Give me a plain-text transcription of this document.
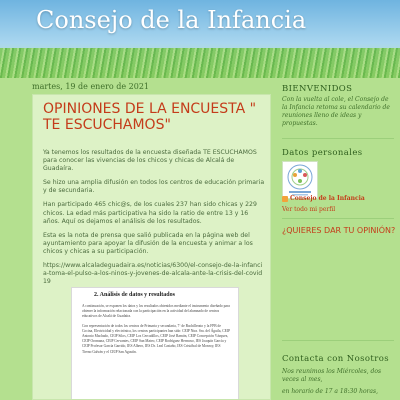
Consejo de la Infancia
martes, 19 de enero de 2021
OPINIONES DE LA ENCUESTA " TE ESCUCHAMOS"

Ya tenemos los resultados de la encuesta diseñada TE ESCUCHAMOS para conocer las vivencias de los chicos y chicas de Alcalá de Guadaíra.

Se hizo una amplia difusión en todos los centros de educación primaria y de secundaria.

Han participado 465 chic@s, de los cuales 237 han sido chicas y 229 chicos. La edad más participativa ha sido la ratio de entre 13 y 16 años. Aquí os dejamos el análisis de los resultados.

Esta es la nota de prensa que salió publicada en la página web del ayuntamiento para apoyar la difusión de la encuesta y animar a los chicos y chicas a su participación.

https://www.alcaladeguadaira.es/noticias/6300/el-consejo-de-la-infancia-toma-el-pulso-a-los-ninos-y-jovenes-de-alcala-ante-la-crisis-del-covid19

2. Análisis de datos y resultados

A continuación, se exponen los datos y los resultados obtenidos mediante el instrumento diseñado para obtener la información relacionada con la participación en la actividad del alumnado de centros educativos de Alcalá de Guadaíra.

Con representación de todos los centros de Primaria y secundaria, 7º de Bachillerato y la FPB de Cocina, Electricidad y electrónica, los centros participantes han sido: CEIP Ntra. Sra. del Águila, CEIP Antonio Machado, CEIP Silos, CEIP Los Cercadillos, CEIP José Ramón, CEIP Concepción Vázquez, CEIP Oromana, CEIP Cervantes, CEIP San Mateo, CEIP Rodríguez Hermoso, IES Joaquín García y CEIP Profesor García Garrido, IES Albero, IES Dr. Leal Castaño, IES Cristóbal de Monroy, IES Tierno Galván y el CEIP San Agustín.

BIENVENIDOS
Con la vuelta al cole, el Consejo de la Infancia retoma su calendario de reuniones lleno de ideas y propuestas.
Datos personales
Consejo de la Infancia
Ver todo mi perfil
¿QUIERES DAR TU OPINIÓN?
Contacta con Nosotros
Nos reunimos los Miércoles, dos veces al mes,
en horario de 17 a 18:30 horas,
